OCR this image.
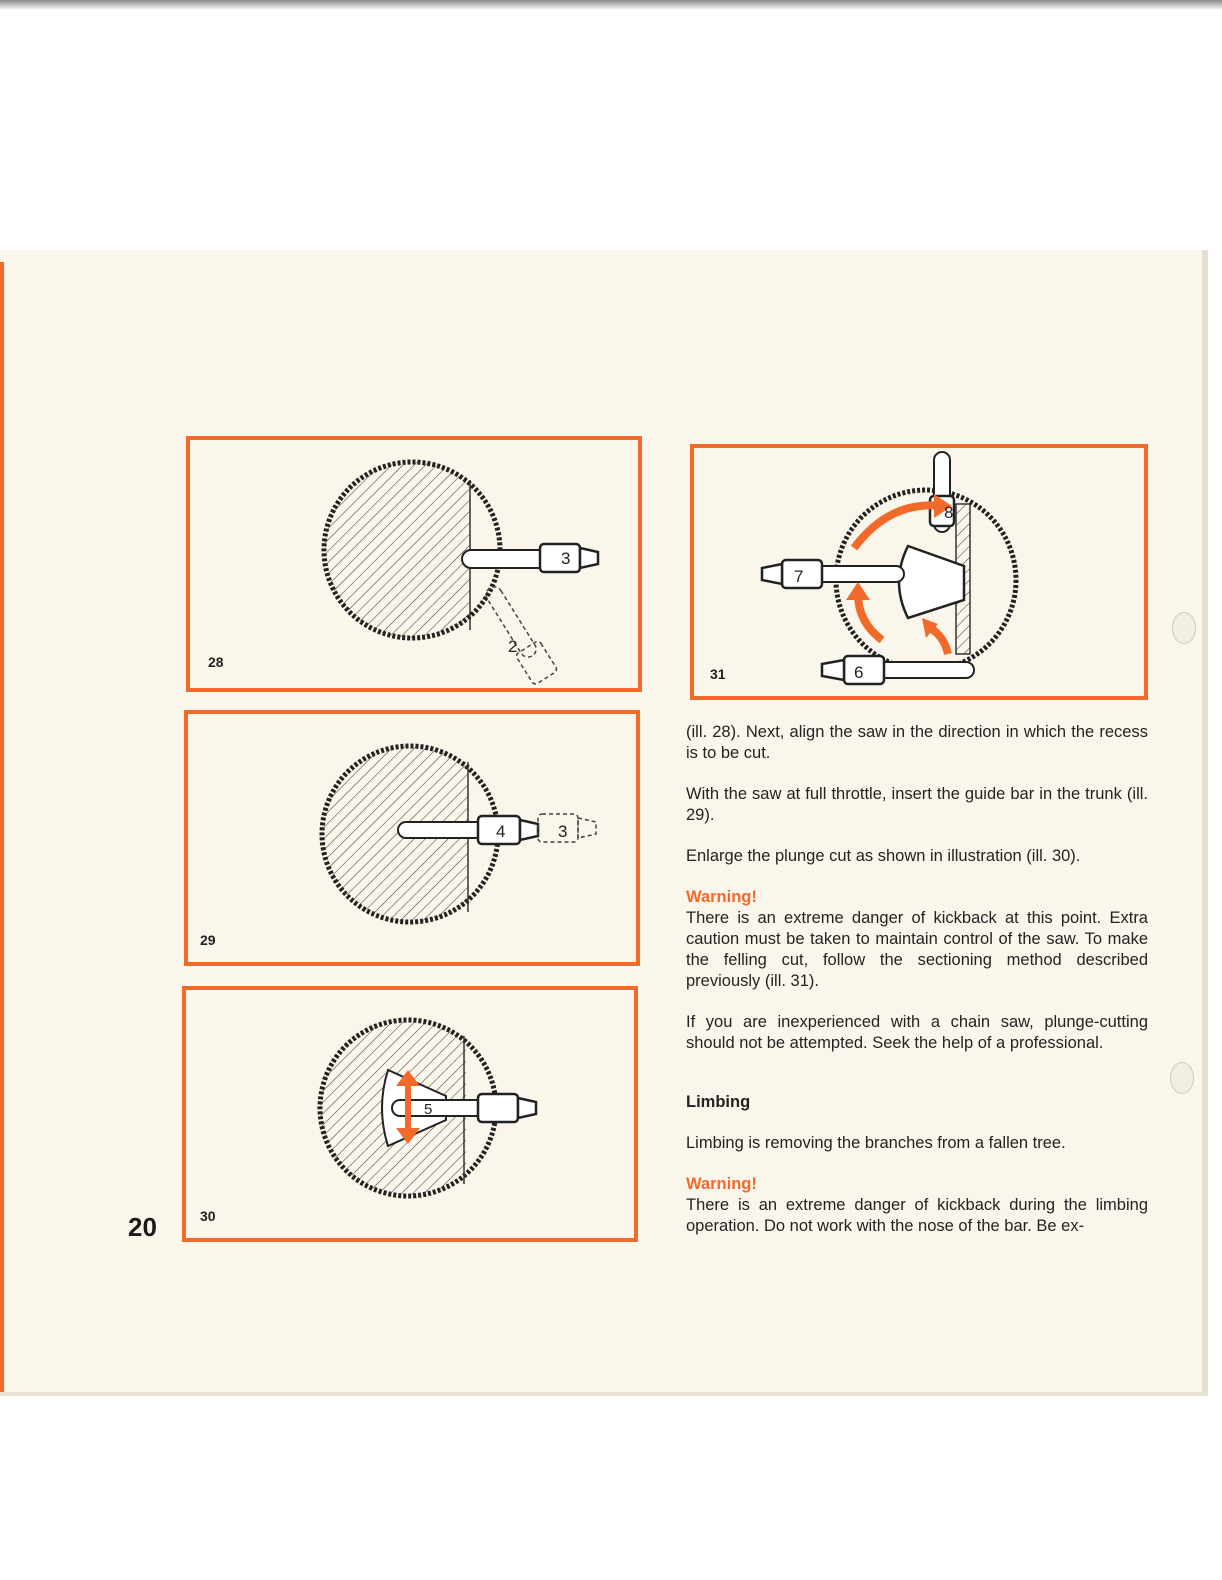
3
2
28
4	3
29
5
30
8
7
6
31
20

(ill. 28). Next, align the saw in the direction in which the recess is to be cut.

With the saw at full throttle, insert the guide bar in the trunk (ill. 29).

Enlarge the plunge cut as shown in illustration (ill. 30).

Warning!

There is an extreme danger of kickback at this point. Extra caution must be taken to maintain control of the saw. To make the felling cut, follow the sectioning method described previously (ill. 31).

If you are inexperienced with a chain saw, plunge-cutting should not be attempted. Seek the help of a professional.

Limbing

Limbing is removing the branches from a fallen tree.

Warning!

There is an extreme danger of kickback during the limbing operation. Do not work with the nose of the bar. Be ex-
